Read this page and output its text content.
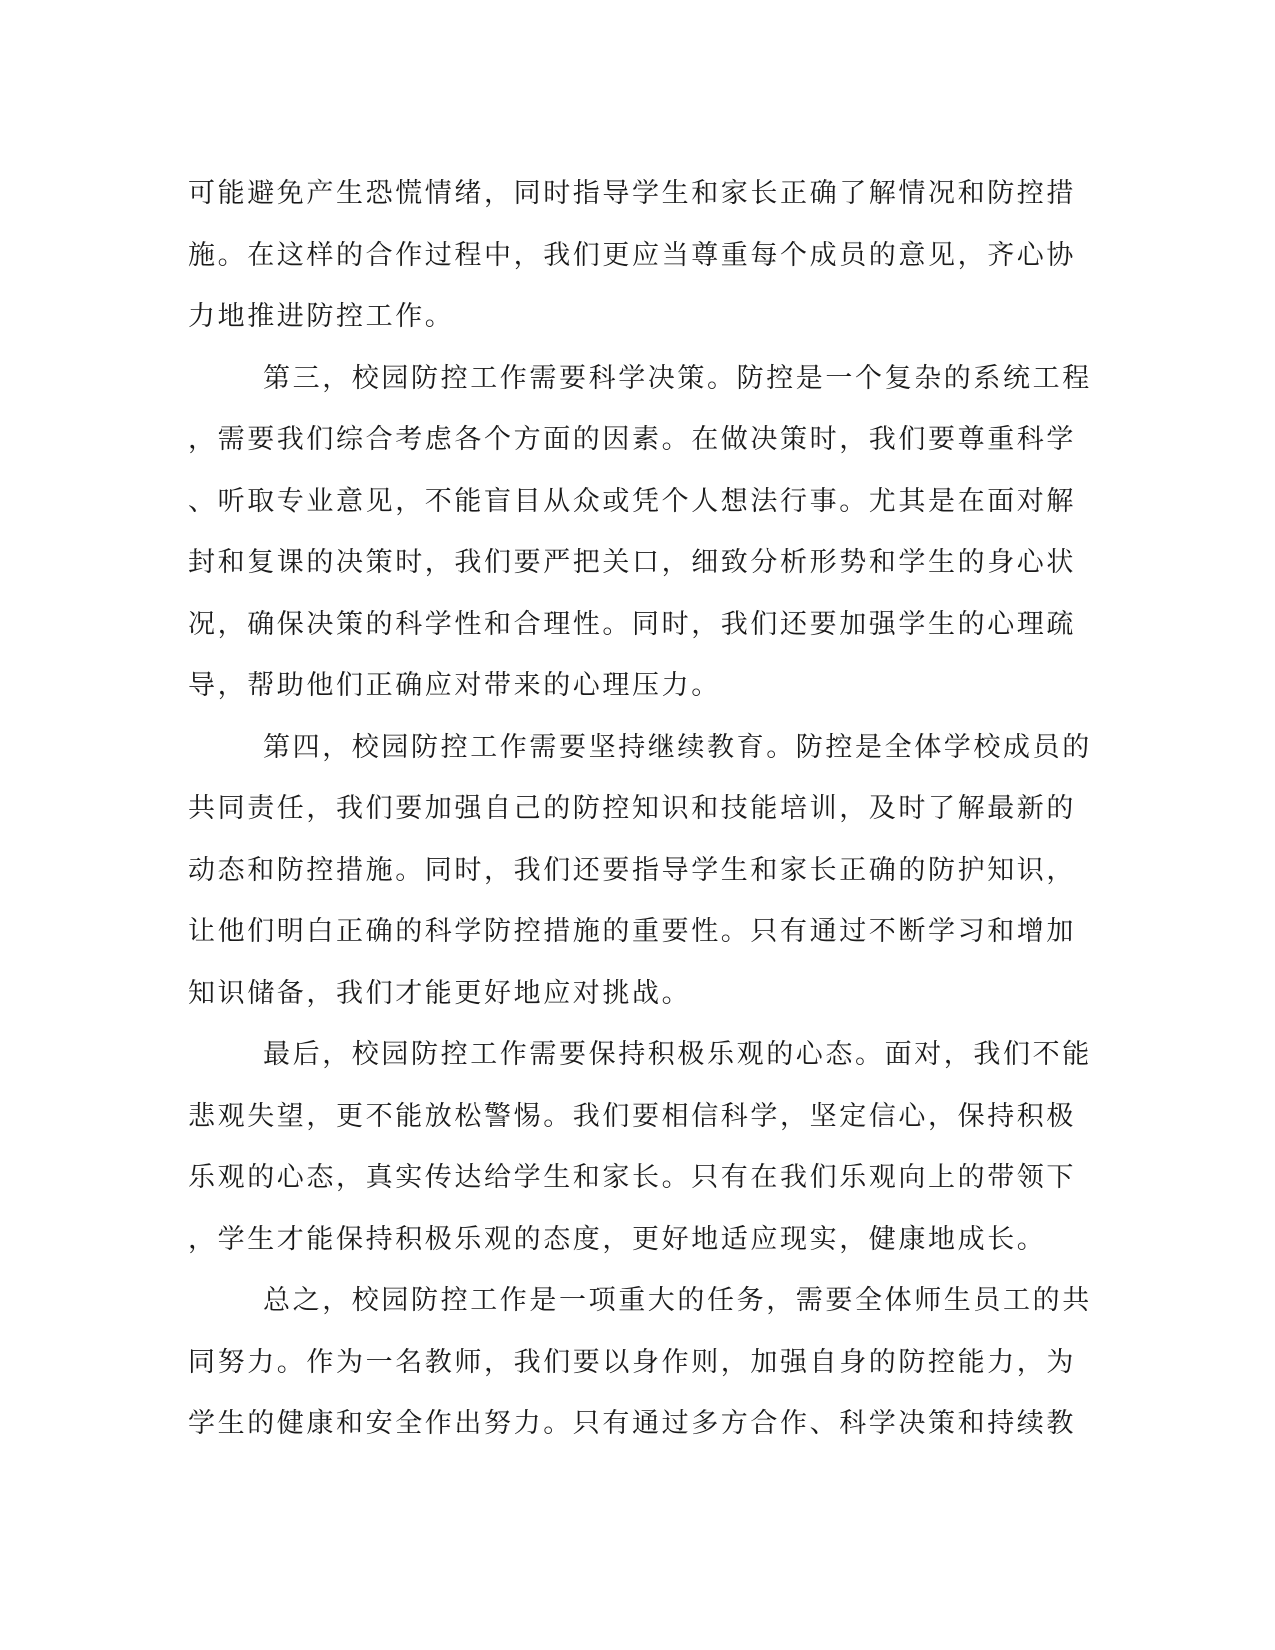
可能避免产生恐慌情绪，同时指导学生和家长正确了解情况和防控措
施。在这样的合作过程中，我们更应当尊重每个成员的意见，齐心协
力地推进防控工作。
第三，校园防控工作需要科学决策。防控是一个复杂的系统工程
，需要我们综合考虑各个方面的因素。在做决策时，我们要尊重科学
、听取专业意见，不能盲目从众或凭个人想法行事。尤其是在面对解
封和复课的决策时，我们要严把关口，细致分析形势和学生的身心状
况，确保决策的科学性和合理性。同时，我们还要加强学生的心理疏
导，帮助他们正确应对带来的心理压力。
第四，校园防控工作需要坚持继续教育。防控是全体学校成员的
共同责任，我们要加强自己的防控知识和技能培训，及时了解最新的
动态和防控措施。同时，我们还要指导学生和家长正确的防护知识，
让他们明白正确的科学防控措施的重要性。只有通过不断学习和增加
知识储备，我们才能更好地应对挑战。
最后，校园防控工作需要保持积极乐观的心态。面对，我们不能
悲观失望，更不能放松警惕。我们要相信科学，坚定信心，保持积极
乐观的心态，真实传达给学生和家长。只有在我们乐观向上的带领下
，学生才能保持积极乐观的态度，更好地适应现实，健康地成长。
总之，校园防控工作是一项重大的任务，需要全体师生员工的共
同努力。作为一名教师，我们要以身作则，加强自身的防控能力，为
学生的健康和安全作出努力。只有通过多方合作、科学决策和持续教
